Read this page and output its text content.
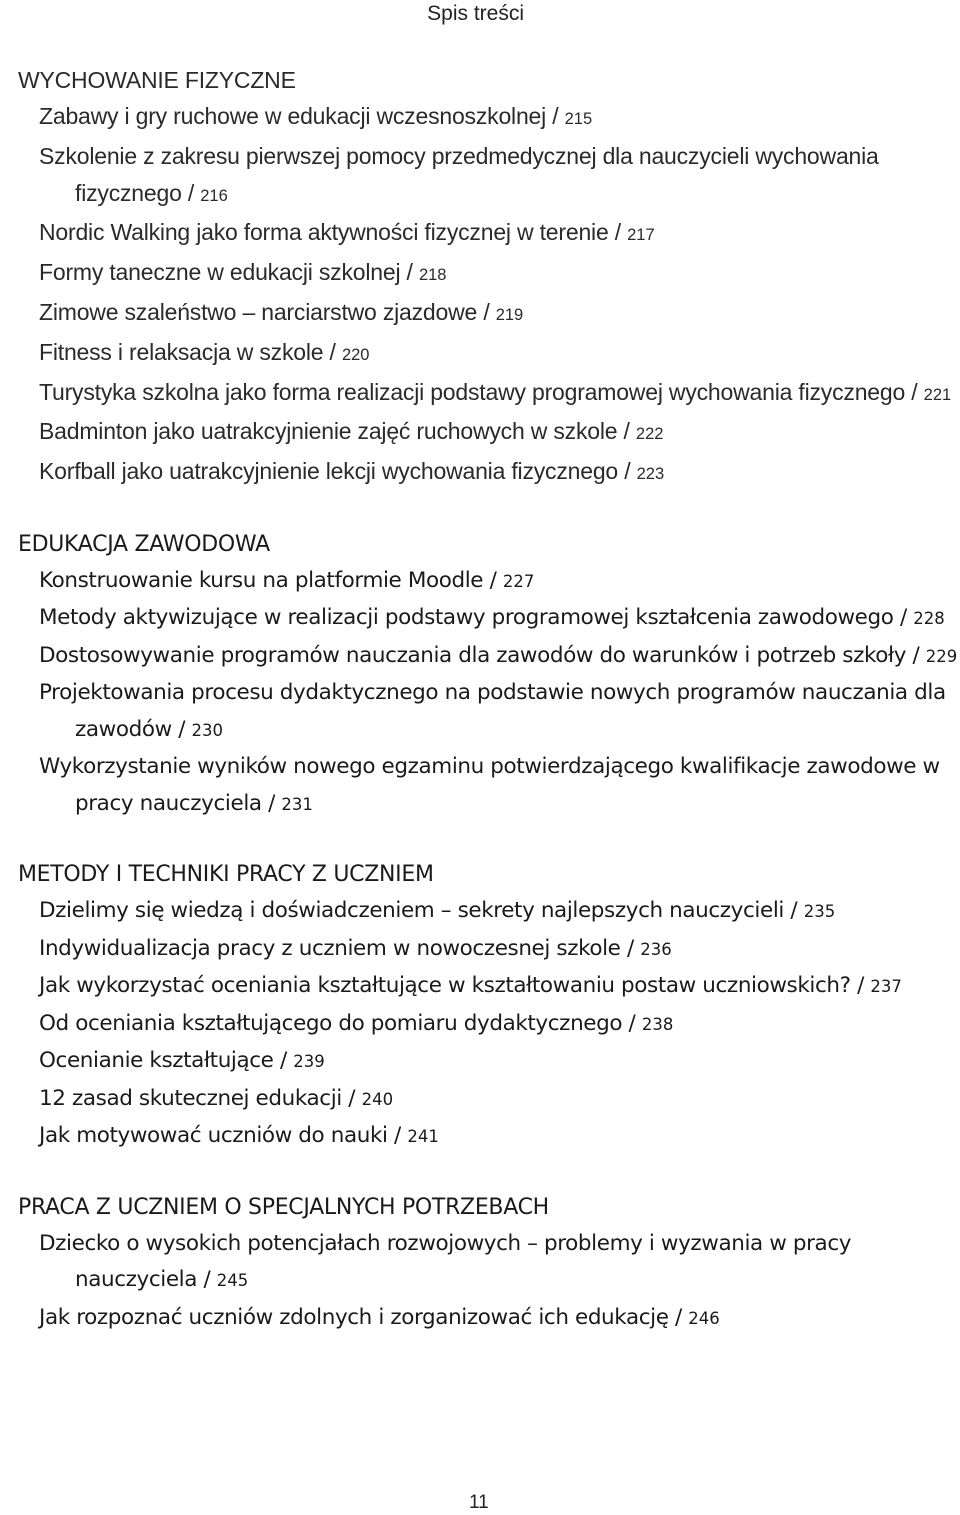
Spis treści
WYCHOWANIE FIZYCZNE
Zabawy i gry ruchowe w edukacji wczesnoszkolnej / 215
Szkolenie z zakresu pierwszej pomocy przedmedycznej dla nauczycieli wychowania fizycznego / 216
Nordic Walking jako forma aktywności fizycznej w terenie / 217
Formy taneczne w edukacji szkolnej / 218
Zimowe szaleństwo – narciarstwo zjazdowe / 219
Fitness i relaksacja w szkole / 220
Turystyka szkolna jako forma realizacji podstawy programowej wychowania fizycznego / 221
Badminton jako uatrakcyjnienie zajęć ruchowych w szkole / 222
Korfball jako uatrakcyjnienie lekcji wychowania fizycznego / 223
EDUKACJA ZAWODOWA
Konstruowanie kursu na platformie Moodle / 227
Metody aktywizujące w realizacji podstawy programowej kształcenia zawodowego / 228
Dostosowywanie programów nauczania dla zawodów do warunków i potrzeb szkoły / 229
Projektowania procesu dydaktycznego na podstawie nowych programów nauczania dla zawodów / 230
Wykorzystanie wyników nowego egzaminu potwierdzającego kwalifikacje zawodowe w pracy nauczyciela / 231
METODY I TECHNIKI PRACY Z UCZNIEM
Dzielimy się wiedzą i doświadczeniem – sekrety najlepszych nauczycieli / 235
Indywidualizacja pracy z uczniem w nowoczesnej szkole / 236
Jak wykorzystać oceniania kształtujące w kształtowaniu postaw uczniowskich? / 237
Od oceniania kształtującego do pomiaru dydaktycznego / 238
Ocenianie kształtujące / 239
12 zasad skutecznej edukacji / 240
Jak motywować uczniów do nauki / 241
PRACA Z UCZNIEM O SPECJALNYCH POTRZEBACH
Dziecko o wysokich potencjałach rozwojowych – problemy i wyzwania w pracy nauczyciela / 245
Jak rozpoznać uczniów zdolnych i zorganizować ich edukację / 246
11
